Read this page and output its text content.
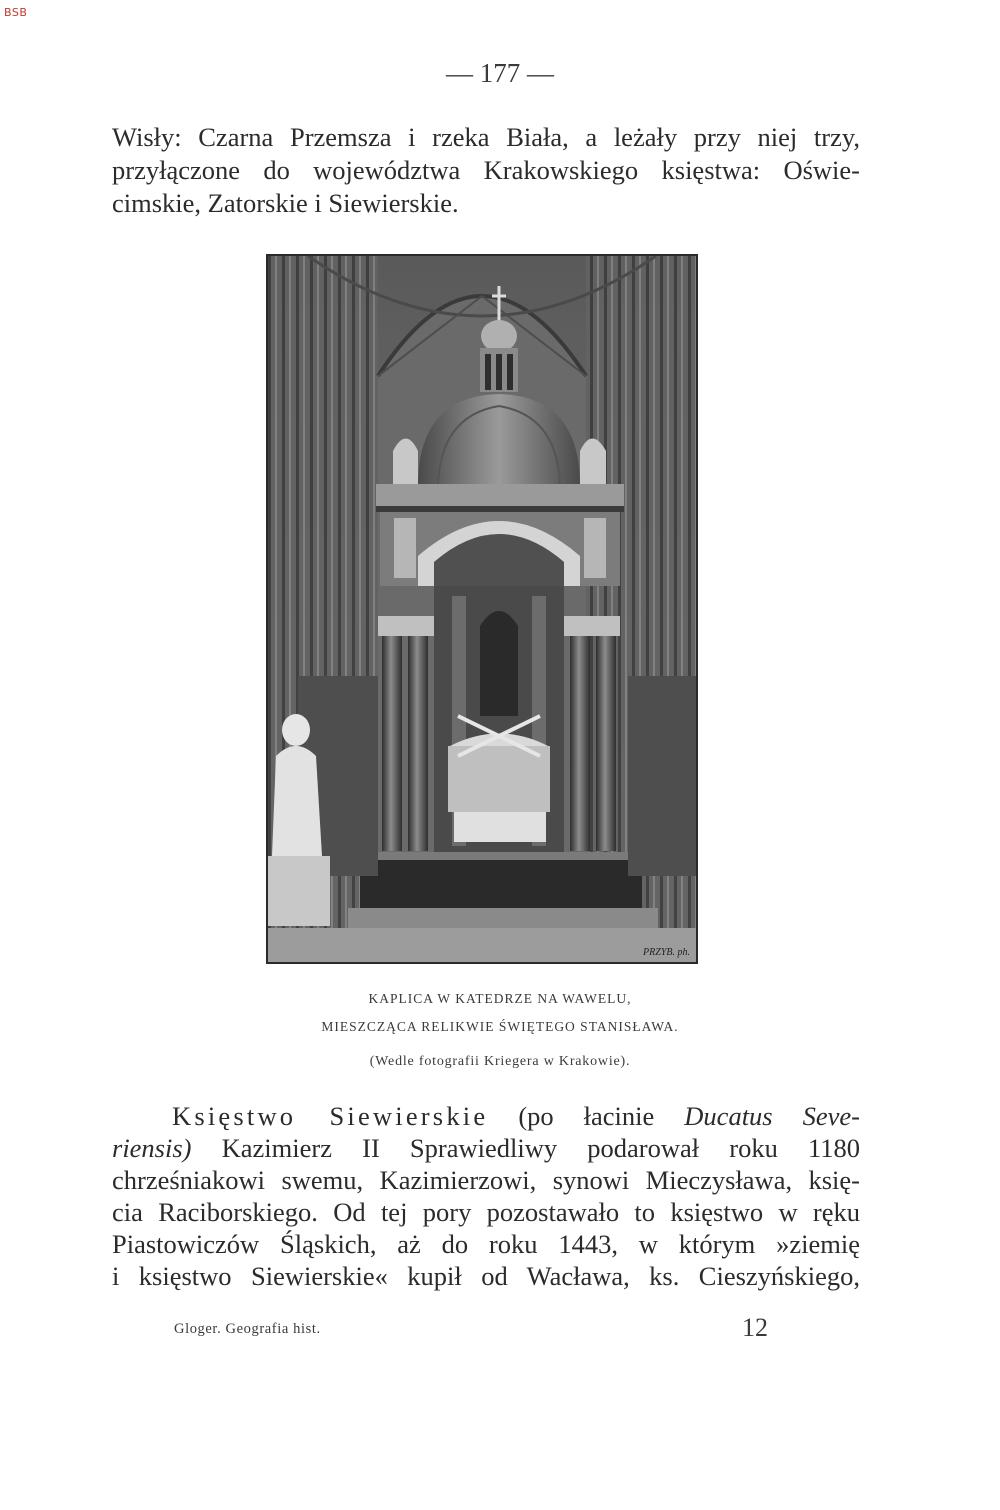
BSB
— 177 —

Wisły: Czarna Przemsza i rzeka Biała, a leżały przy niej trzy,
przyłączone do województwa Krakowskiego księstwa: Oświe-
cimskie, Zatorskie i Siewierskie.

PRZYB. ph.
KAPLICA W KATEDRZE NA WAWELU,
MIESZCZĄCA RELIKWIE ŚWIĘTEGO STANISŁAWA.
(Wedle fotografii Kriegera w Krakowie).

Księstwo Siewierskie (po łacinie Ducatus Seve-
riensis) Kazimierz II Sprawiedliwy podarował roku 1180
chrześniakowi swemu, Kazimierzowi, synowi Mieczysława, księ-
cia Raciborskiego. Od tej pory pozostawało to księstwo w ręku
Piastowiczów Śląskich, aż do roku 1443, w którym »ziemię
i księstwo Siewierskie« kupił od Wacława, ks. Cieszyńskiego,

Gloger. Geografia hist.	12
